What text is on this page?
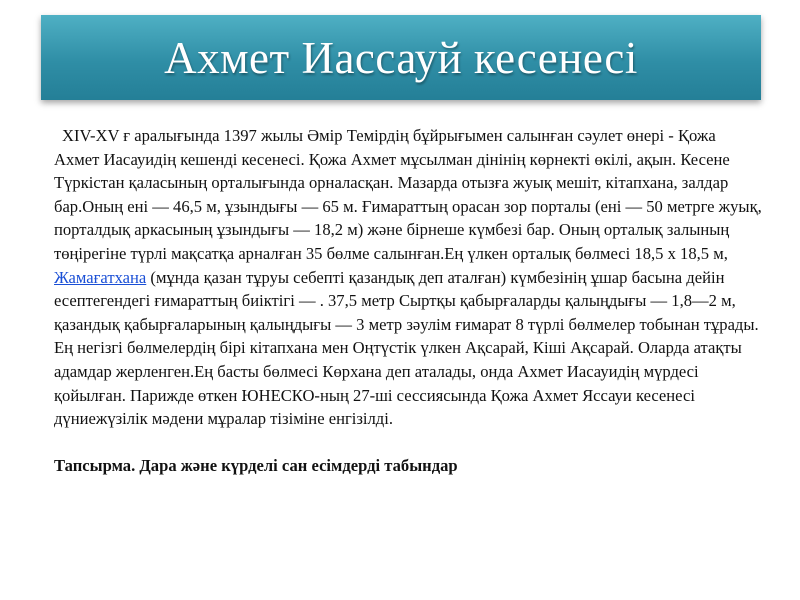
Ахмет Иассауй кесенесі

XIV-XV ғ аралығында 1397 жылы Әмір Темірдің бұйрығымен салынған сәулет өнері - Қожа Ахмет Иасауидің кешенді кесенесі. Қожа Ахмет мұсылман дінінің көрнекті өкілі, ақын. Кесене Түркістан қаласының орталығында орналасқан. Мазарда отызға жуық мешіт, кітапхана, залдар бар.Оның ені — 46,5 м, ұзындығы — 65 м. Ғимараттың орасан зор порталы (ені — 50 метрге жуық, порталдық аркасының ұзындығы — 18,2 м) және бірнеше күмбезі бар. Оның орталық залының төңірегіне түрлі мақсатқа арналған 35 бөлме салынған.Ең үлкен орталық бөлмесі 18,5 х 18,5 м, Жамағатхана (мұнда қазан тұруы себепті қазандық деп аталған) күмбезінің ұшар басына дейін есептегендегі ғимараттың биіктігі — . 37,5 метр Сыртқы қабырғаларды қалыңдығы — 1,8—2 м, қазандық қабырғаларының қалыңдығы — 3 метр зәулім ғимарат 8 түрлі бөлмелер тобынан тұрады. Ең негізгі бөлмелердің бірі кітапхана мен Оңтүстік үлкен Ақсарай, Кіші Ақсарай. Оларда атақты адамдар жерленген.Ең басты бөлмесі Көрхана деп аталады, онда Ахмет Иасауидің мүрдесі қойылған. Парижде өткен ЮНЕСКО-ның 27-ші сессиясында Қожа Ахмет Яссауи кесенесі дүниежүзілік мәдени мұралар тізіміне енгізілді.

Тапсырма. Дара және күрделі сан есімдерді табындар
